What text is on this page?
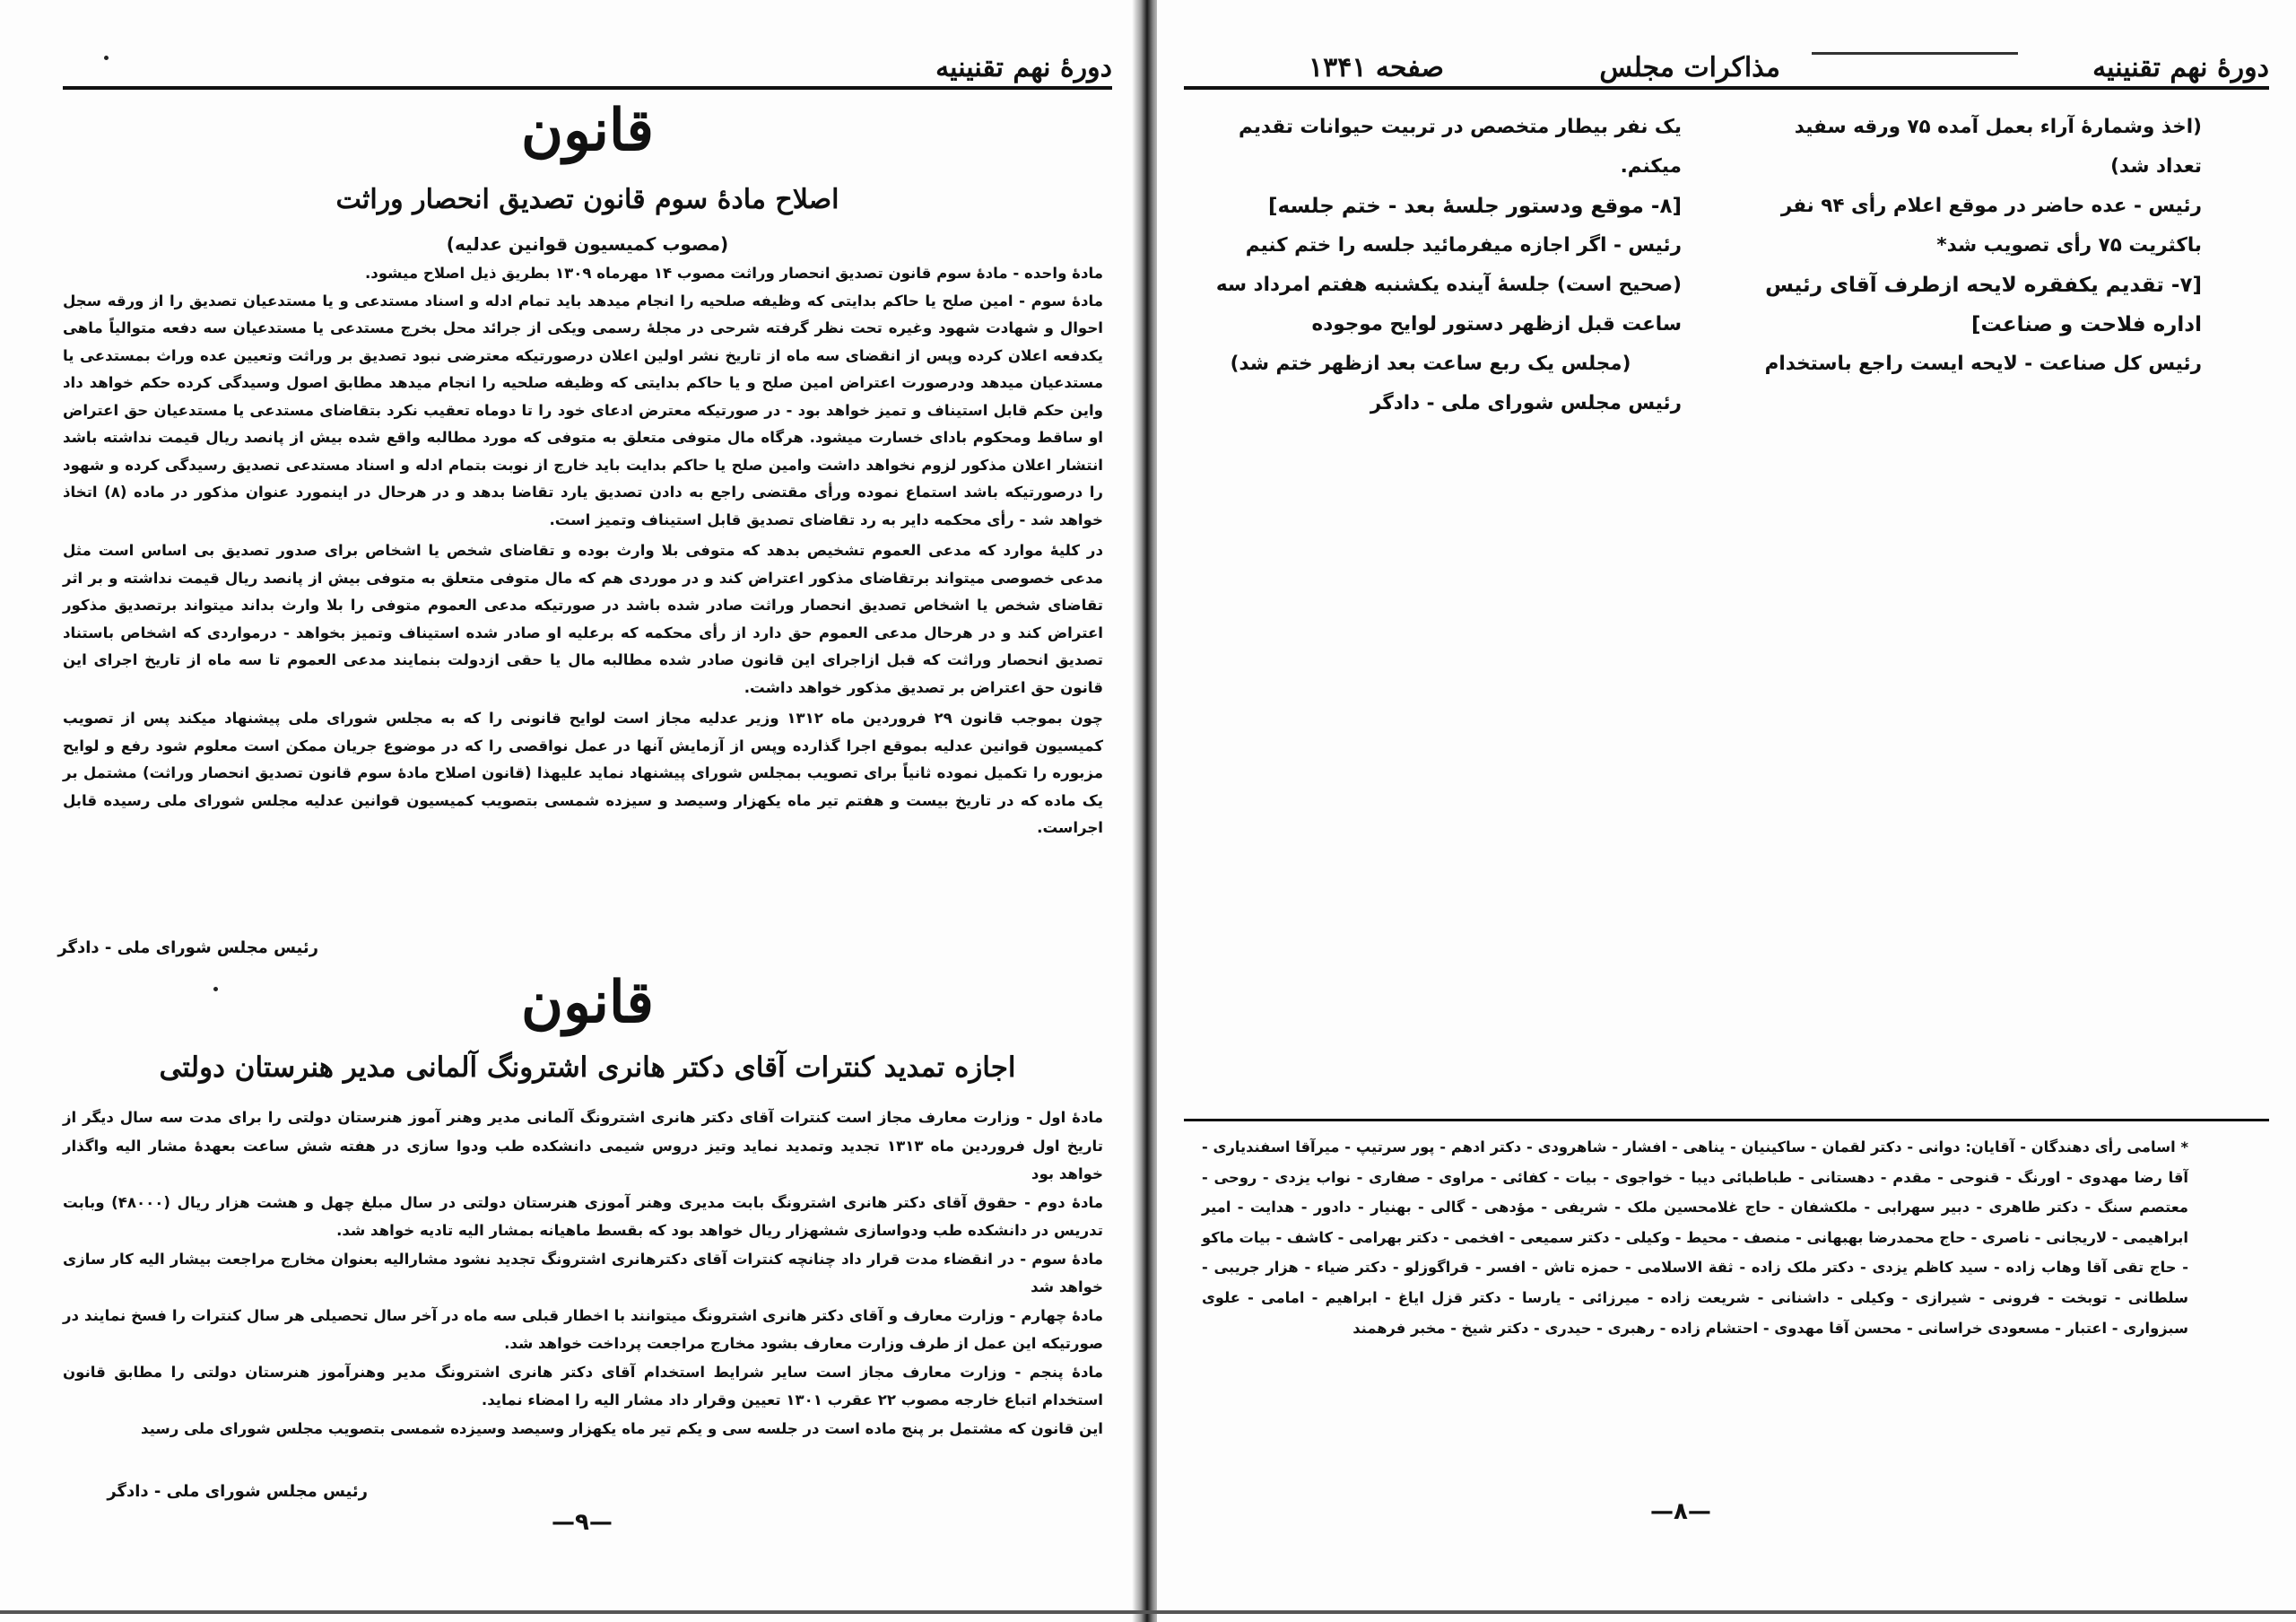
دورهٔ نهم تقنینیه
قانون
اصلاح مادهٔ سوم قانون تصدیق انحصار وراثت
(مصوب کمیسیون قوانین عدلیه)

مادهٔ واحده - مادهٔ سوم قانون تصدیق انحصار وراثت مصوب ۱۴ مهرماه ۱۳۰۹ بطریق ذیل اصلاح میشود.

مادهٔ سوم - امین صلح یا حاکم بدایتی که وظیفه صلحیه را انجام میدهد باید تمام ادله و اسناد مستدعی و یا مستدعیان تصدیق را از ورقه سجل احوال و شهادت شهود وغیره تحت نظر گرفته شرحی در مجلهٔ رسمی ویکی از جرائد محل بخرج مستدعی یا مستدعیان سه دفعه متوالیاً ماهی یکدفعه اعلان کرده وپس از انقضای سه ماه از تاریخ نشر اولین اعلان درصورتیکه معترضی نبود تصدیق بر وراثت وتعیین عده وراث بمستدعی یا مستدعیان میدهد ودرصورت اعتراض امین صلح و یا حاکم بدایتی که وظیفه صلحیه را انجام میدهد مطابق اصول وسیدگی کرده حکم خواهد داد واین حکم قابل استیناف و تمیز خواهد بود - در صورتیکه معترض ادعای خود را تا دوماه تعقیب نکرد بتقاضای مستدعی یا مستدعیان حق اعتراض او ساقط ومحکوم بادای خسارت میشود. هرگاه مال متوفی متعلق به متوفی که مورد مطالبه واقع شده بیش از پانصد ریال قیمت نداشته باشد انتشار اعلان مذکور لزوم نخواهد داشت وامین صلح یا حاکم بدایت باید خارج از نوبت بتمام ادله و اسناد مستدعی تصدیق رسیدگی کرده و شهود را درصورتیکه باشد استماع نموده ورأی مقتضی راجع به دادن تصدیق یارد تقاضا بدهد و در هرحال در اینمورد عنوان مذکور در ماده (۸) اتخاذ خواهد شد - رأی محکمه دایر به رد تقاضای تصدیق قابل استیناف وتمیز است.

در کلیهٔ موارد که مدعی العموم تشخیص بدهد که متوفی بلا وارث بوده و تقاضای شخص یا اشخاص برای صدور تصدیق بی اساس است مثل مدعی خصوصی میتواند برتقاضای مذکور اعتراض کند و در موردی هم که مال متوفی متعلق به متوفی بیش از پانصد ریال قیمت نداشته و بر اثر تقاضای شخص یا اشخاص تصدیق انحصار وراثت صادر شده باشد در صورتیکه مدعی العموم متوفی را بلا وارث بداند میتواند برتصدیق مذکور اعتراض کند و در هرحال مدعی العموم حق دارد از رأی محکمه که برعلیه او صادر شده استیناف وتمیز بخواهد - درمواردی که اشخاص باستناد تصدیق انحصار وراثت که قبل ازاجرای این قانون صادر شده مطالبه مال یا حقی ازدولت بنمایند مدعی العموم تا سه ماه از تاریخ اجرای این قانون حق اعتراض بر تصدیق مذکور خواهد داشت.

چون بموجب قانون ۲۹ فروردین ماه ۱۳۱۲ وزیر عدلیه مجاز است لوایح قانونی را که به مجلس شورای ملی پیشنهاد میکند پس از تصویب کمیسیون قوانین عدلیه بموقع اجرا گذارده وپس از آزمایش آنها در عمل نواقصی را که در موضوع جریان ممکن است معلوم شود رفع و لوایح مزبوره را تکمیل نموده ثانیاً برای تصویب بمجلس شورای پیشنهاد نماید علیهذا (قانون اصلاح مادهٔ سوم قانون تصدیق انحصار وراثت) مشتمل بر یک ماده که در تاریخ بیست و هفتم تیر ماه یکهزار وسیصد و سیزده شمسی بتصویب کمیسیون قوانین عدلیه مجلس شورای ملی رسیده قابل اجراست.

رئیس مجلس شورای ملی - دادگر
قانون
اجازه تمدید کنترات آقای دکتر هانری اشترونگ آلمانی مدیر هنرستان دولتی

مادهٔ اول - وزارت معارف مجاز است کنترات آقای دکتر هانری اشترونگ آلمانی مدیر وهنر آموز هنرستان دولتی را برای مدت سه سال دیگر از تاریخ اول فروردین ماه ۱۳۱۳ تجدید وتمدید نماید وتیز دروس شیمی دانشکده طب ودوا سازی در هفته شش ساعت بعهدهٔ مشار الیه واگذار خواهد بود

مادهٔ دوم - حقوق آقای دکتر هانری اشترونگ بابت مدیری وهنر آموزی هنرستان دولتی در سال مبلغ چهل و هشت هزار ریال (۴۸۰۰۰) وبابت تدریس در دانشکده طب ودواسازی ششهزار ریال خواهد بود که بقسط ماهیانه بمشار الیه تادیه خواهد شد.

مادهٔ سوم - در انقضاء مدت قرار داد چنانچه کنترات آقای دکترهانری اشترونگ تجدید نشود مشارالیه بعنوان مخارج مراجعت بیشار الیه کار سازی خواهد شد

مادهٔ چهارم - وزارت معارف و آقای دکتر هانری اشترونگ میتوانند با اخطار قبلی سه ماه در آخر سال تحصیلی هر سال کنترات را فسخ نمایند در صورتیکه این عمل از طرف وزارت معارف بشود مخارج مراجعت پرداخت خواهد شد.

مادهٔ پنجم - وزارت معارف مجاز است سایر شرایط استخدام آقای دکتر هانری اشترونگ مدیر وهنرآموز هنرستان دولتی را مطابق قانون استخدام اتباع خارجه مصوب ۲۲ عقرب ۱۳۰۱ تعیین وقرار داد مشار الیه را امضاء نماید.

این قانون که مشتمل بر پنج ماده است در جلسه سی و یکم تیر ماه یکهزار وسیصد وسیزده شمسی بتصویب مجلس شورای ملی رسید

رئیس مجلس شورای ملی - دادگر
—۹—
دورهٔ نهم تقنینیه
مذاکرات مجلس
صفحه ۱۳۴۱

(اخذ وشمارهٔ آراء بعمل آمده ۷۵ ورقه سفید تعداد شد)

رئیس - عده حاضر در موقع اعلام رأی ۹۴ نفر باکثریت ۷۵ رأی تصویب شد*

[۷- تقدیم یکفقره لایحه ازطرف آقای رئیس اداره فلاحت و صناعت]

رئیس کل صناعت - لایحه ایست راجع باستخدام

یک نفر بیطار متخصص در تربیت حیوانات تقدیم میکنم.

[۸- موقع ودستور جلسهٔ بعد - ختم جلسه]

رئیس - اگر اجازه میفرمائید جلسه را ختم کنیم (صحیح است) جلسهٔ آینده یکشنبه هفتم امرداد سه ساعت قبل ازظهر دستور لوایح موجوده

(مجلس یک ربع ساعت بعد ازظهر ختم شد)

رئیس مجلس شورای ملی - دادگر

* اسامی رأی دهندگان - آقایان: دوانی - دکتر لقمان - ساکینیان - یناهی - افشار - شاهرودی - دکتر ادهم - پور سرتیپ - میرآقا اسفندیاری - آقا رضا مهدوی - اورنگ - قنوحی - مقدم - دهستانی - طباطبائی دیبا - خواجوی - بیات - کفائی - مراوی - صفاری - نواب یزدی - روحی - معتصم سنگ - دکتر طاهری - دبیر سهرابی - ملکشفان - حاج غلامحسین ملک - شریفی - مؤدهی - گالی - بهنیار - دادور - هدایت - امیر ابراهیمی - لاریجانی - ناصری - حاج محمدرضا بهبهانی - منصف - محیط - وکیلی - دکتر سمیعی - افخمی - دکتر بهرامی - کاشف - بیات ماکو - حاج تقی آقا وهاب زاده - سید کاظم یزدی - دکتر ملک زاده - ثقة الاسلامی - حمزه تاش - افسر - قراگوزلو - دکتر ضیاء - هزار جریبی - سلطانی - توبخت - فرونی - شیرازی - وکیلی - داشنانی - شریعت زاده - میرزائی - یارسا - دکتر قزل ایاغ - ابراهیم - امامی - علوی سبزواری - اعتبار - مسعودی خراسانی - محسن آقا مهدوی - احتشام زاده - رهبری - حیدری - دکتر شیخ - مخبر فرهمند

—۸—
